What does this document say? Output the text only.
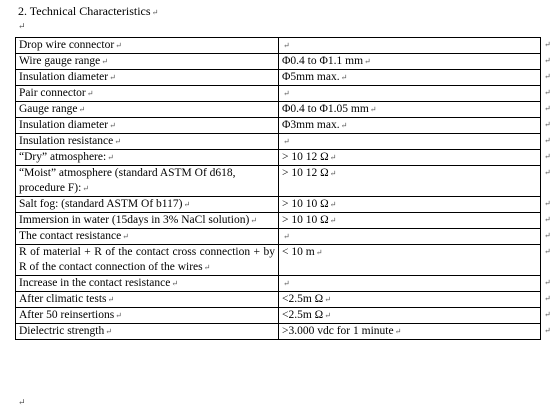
2. Technical Characteristics↵
↵
Drop wire connector↵	↵
Wire gauge range↵	Φ0.4 to Φ1.1 mm↵
Insulation diameter↵	Φ5mm max.↵
Pair connector↵	↵
Gauge range↵	Φ0.4 to Φ1.05 mm↵
Insulation diameter↵	Φ3mm max.↵
Insulation resistance↵	↵
“Dry” atmosphere:↵	> 10 12 Ω↵
“Moist” atmosphere (standard ASTM Of d618, procedure F):↵	> 10 12 Ω↵
Salt fog: (standard ASTM Of b117)↵	> 10 10 Ω↵
Immersion in water (15days in 3% NaCl solution)↵	> 10 10 Ω↵
The contact resistance↵	↵
R of material + R of the contact cross connection + by R of the contact connection of the wires↵	< 10 m↵
Increase in the contact resistance↵	↵
After climatic tests↵	<2.5m Ω↵
After 50 reinsertions↵	<2.5m Ω↵
Dielectric strength↵	>3.000 vdc for 1 minute↵
↵
↵
↵
↵
↵
↵
↵
↵
↵
↵
↵
↵
↵
↵
↵
↵
↵
↵
